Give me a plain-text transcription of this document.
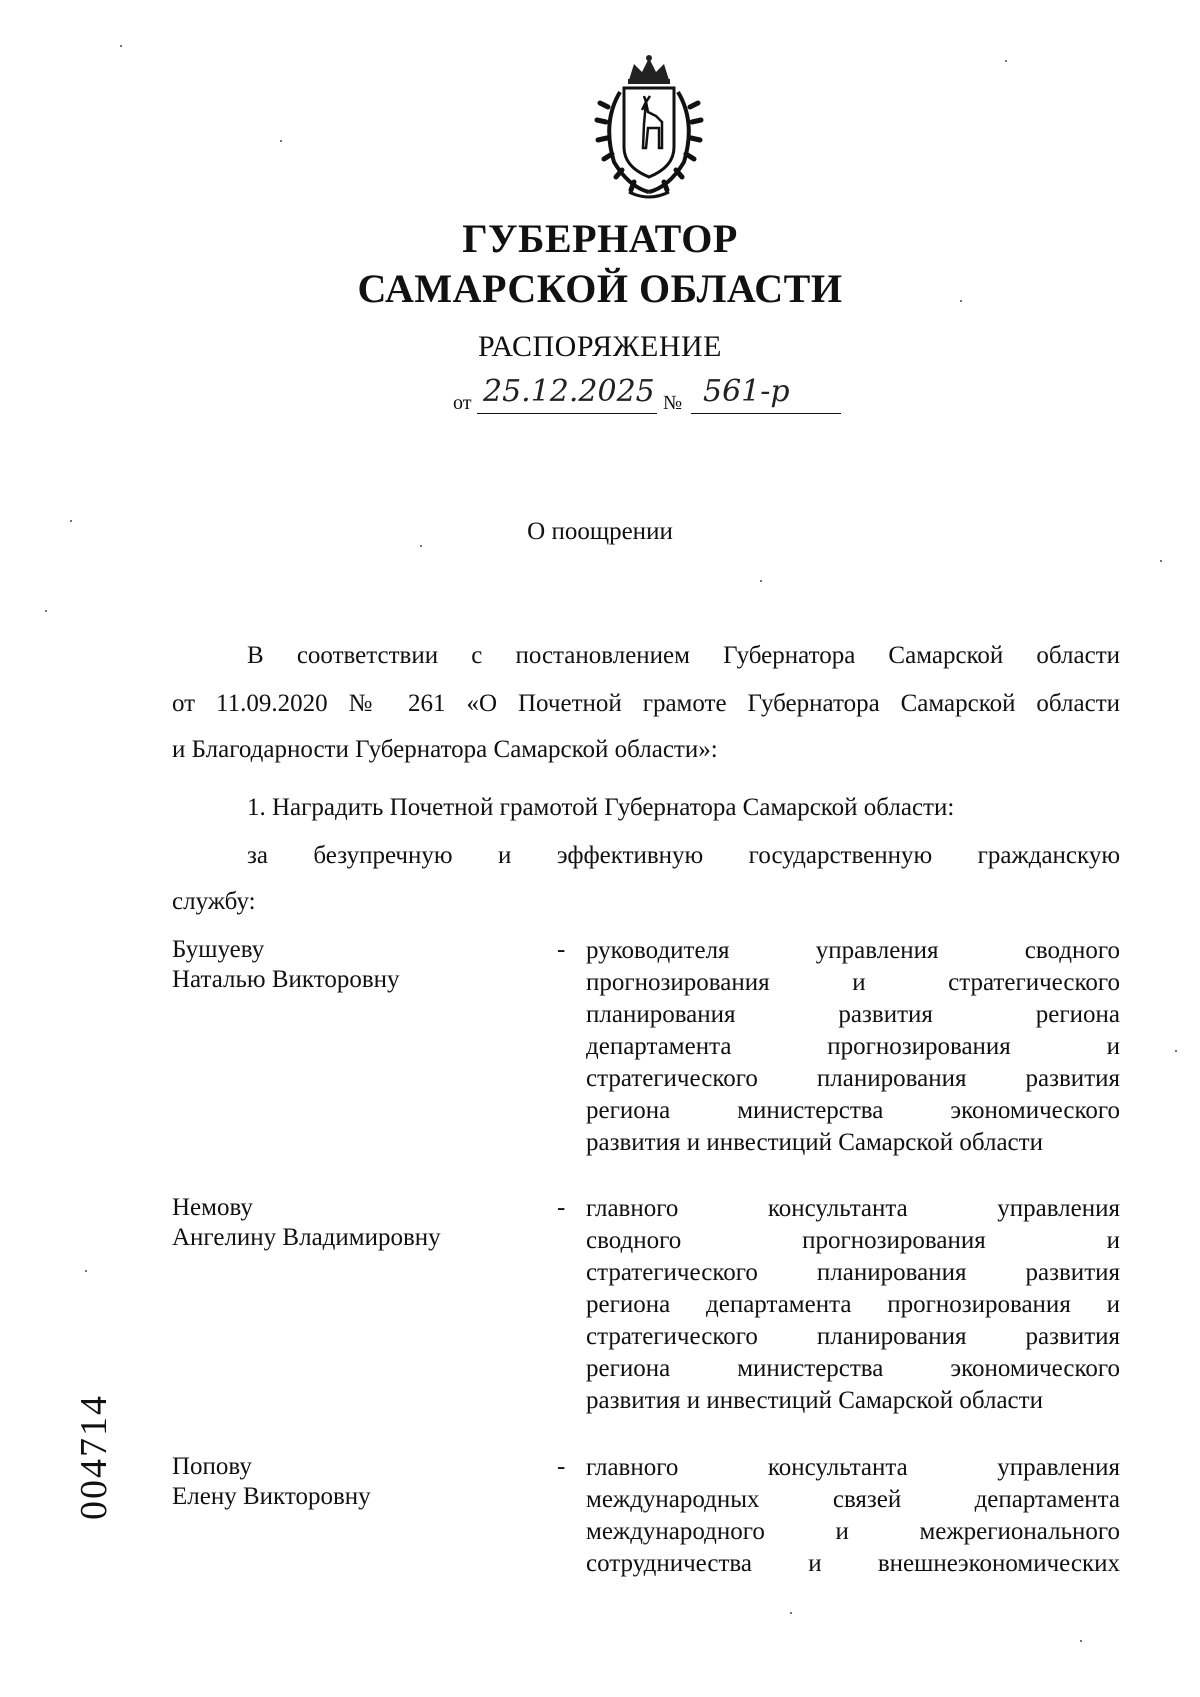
ГУБЕРНАТОР
САМАРСКОЙ ОБЛАСТИ
РАСПОРЯЖЕНИЕ
от 25.12.2025 № 561-р
О поощрении
В соответствии с постановлением Губернатора Самарской области
от 11.09.2020 № 261 «О Почетной грамоте Губернатора Самарской области
и Благодарности Губернатора Самарской области»:
1. Наградить Почетной грамотой Губернатора Самарской области:
за безупречную и эффективную государственную гражданскую
службу:
Бушуеву
Наталью Викторовну
- руководителя управления сводного
прогнозирования и стратегического
планирования развития региона
департамента прогнозирования и
стратегического планирования развития
региона министерства экономического
развития и инвестиций Самарской области
Немову
Ангелину Владимировну
- главного консультанта управления
сводного прогнозирования и
стратегического планирования развития
региона департамента прогнозирования и
стратегического планирования развития
региона министерства экономического
развития и инвестиций Самарской области
Попову
Елену Викторовну
- главного консультанта управления
международных связей департамента
международного и межрегионального
сотрудничества и внешнеэкономических
004714
